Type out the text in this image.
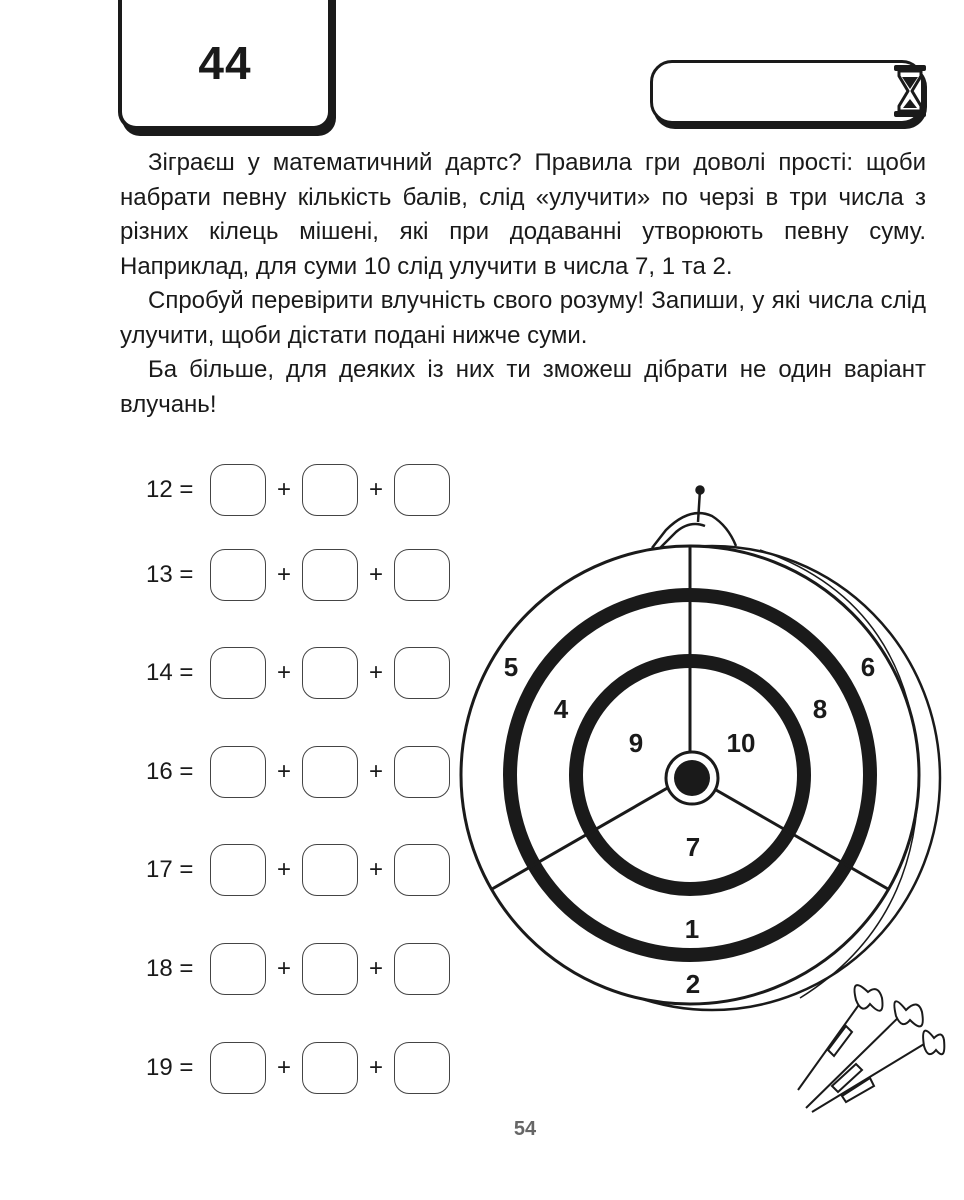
44

Зіграєш у математичний дартс? Правила гри доволі прості: щоби набрати певну кількість балів, слід «улучити» по черзі в три числа з різних кілець мішені, які при додаванні утворюють певну суму. Наприклад, для суми 10 слід улучити в числа 7, 1 та 2.

Спробуй перевірити влучність свого розуму! Запиши, у які числа слід улучити, щоби дістати подані нижче суми.

Ба більше, для деяких із них ти зможеш дібрати не один варіант влучань!

12 =	+	+
13 =	+	+
14 =	+	+
16 =	+	+
17 =	+	+
18 =	+	+
19 =	+	+
5	6
2
4	8
1
9	10
7
54
